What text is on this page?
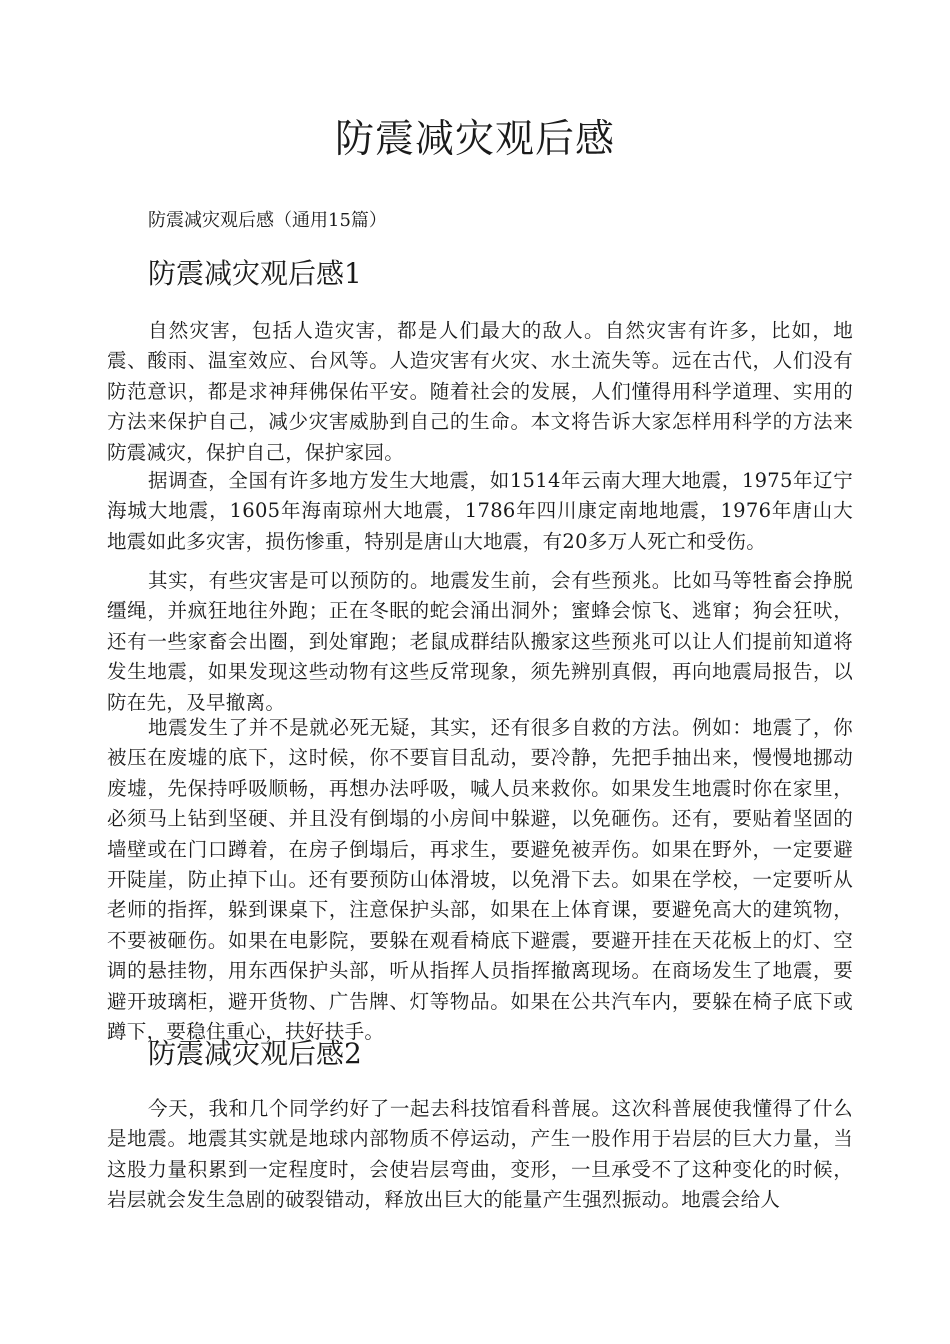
防震减灾观后感

防震减灾观后感（通用15篇）

防震减灾观后感1

自然灾害，包括人造灾害，都是人们最大的敌人。自然灾害有许多，比如，地震、酸雨、温室效应、台风等。人造灾害有火灾、水土流失等。远在古代，人们没有防范意识，都是求神拜佛保佑平安。随着社会的发展，人们懂得用科学道理、实用的方法来保护自己，减少灾害威胁到自己的生命。本文将告诉大家怎样用科学的方法来防震减灾，保护自己，保护家园。

据调查，全国有许多地方发生大地震，如1514年云南大理大地震，1975年辽宁海城大地震，1605年海南琼州大地震，1786年四川康定南地地震，1976年唐山大地震如此多灾害，损伤惨重，特别是唐山大地震，有20多万人死亡和受伤。

其实，有些灾害是可以预防的。地震发生前，会有些预兆。比如马等牲畜会挣脱缰绳，并疯狂地往外跑；正在冬眠的蛇会涌出洞外；蜜蜂会惊飞、逃窜；狗会狂吠，还有一些家畜会出圈，到处窜跑；老鼠成群结队搬家这些预兆可以让人们提前知道将发生地震，如果发现这些动物有这些反常现象，须先辨别真假，再向地震局报告，以防在先，及早撤离。

地震发生了并不是就必死无疑，其实，还有很多自救的方法。例如：地震了，你被压在废墟的底下，这时候，你不要盲目乱动，要冷静，先把手抽出来，慢慢地挪动废墟，先保持呼吸顺畅，再想办法呼吸，喊人员来救你。如果发生地震时你在家里，必须马上钻到坚硬、并且没有倒塌的小房间中躲避，以免砸伤。还有，要贴着坚固的墙壁或在门口蹲着，在房子倒塌后，再求生，要避免被弄伤。如果在野外，一定要避开陡崖，防止掉下山。还有要预防山体滑坡，以免滑下去。如果在学校，一定要听从老师的指挥，躲到课桌下，注意保护头部，如果在上体育课，要避免高大的建筑物，不要被砸伤。如果在电影院，要躲在观看椅底下避震，要避开挂在天花板上的灯、空调的悬挂物，用东西保护头部，听从指挥人员指挥撤离现场。在商场发生了地震，要避开玻璃柜，避开货物、广告牌、灯等物品。如果在公共汽车内，要躲在椅子底下或蹲下，要稳住重心，扶好扶手。

防震减灾观后感2

今天，我和几个同学约好了一起去科技馆看科普展。这次科普展使我懂得了什么是地震。地震其实就是地球内部物质不停运动，产生一股作用于岩层的巨大力量，当这股力量积累到一定程度时，会使岩层弯曲，变形，一旦承受不了这种变化的时候，岩层就会发生急剧的破裂错动，释放出巨大的能量产生强烈振动。地震会给人
